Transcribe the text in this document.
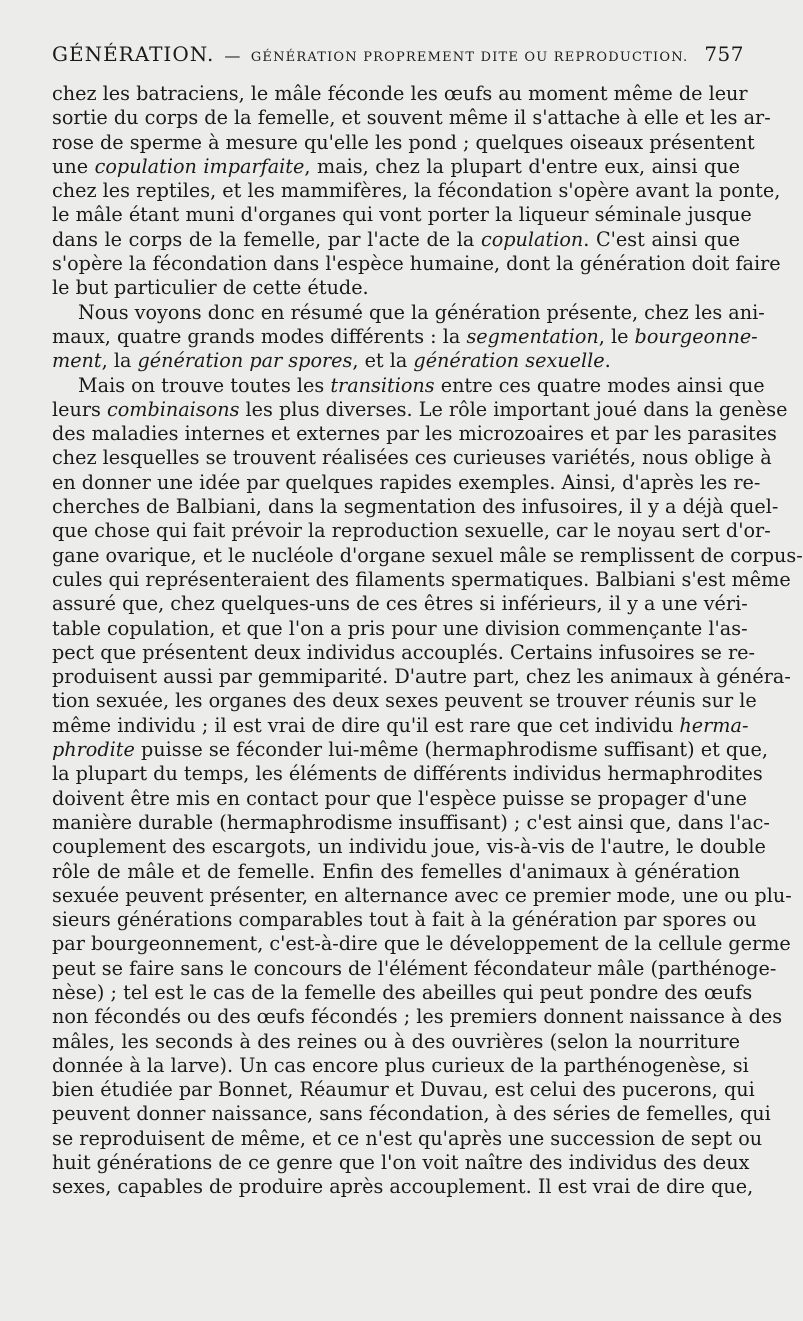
GÉNÉRATION. — GÉNÉRATION PROPREMENT DITE OU REPRODUCTION. 757
chez les batraciens, le mâle féconde les œufs au moment même de leur
sortie du corps de la femelle, et souvent même il s'attache à elle et les ar-
rose de sperme à mesure qu'elle les pond ; quelques oiseaux présentent
une copulation imparfaite, mais, chez la plupart d'entre eux, ainsi que
chez les reptiles, et les mammifères, la fécondation s'opère avant la ponte,
le mâle étant muni d'organes qui vont porter la liqueur séminale jusque
dans le corps de la femelle, par l'acte de la copulation. C'est ainsi que
s'opère la fécondation dans l'espèce humaine, dont la génération doit faire
le but particulier de cette étude.
Nous voyons donc en résumé que la génération présente, chez les ani-
maux, quatre grands modes différents : la segmentation, le bourgeonne-
ment, la génération par spores, et la génération sexuelle.
Mais on trouve toutes les transitions entre ces quatre modes ainsi que
leurs combinaisons les plus diverses. Le rôle important joué dans la genèse
des maladies internes et externes par les microzoaires et par les parasites
chez lesquelles se trouvent réalisées ces curieuses variétés, nous oblige à
en donner une idée par quelques rapides exemples. Ainsi, d'après les re-
cherches de Balbiani, dans la segmentation des infusoires, il y a déjà quel-
que chose qui fait prévoir la reproduction sexuelle, car le noyau sert d'or-
gane ovarique, et le nucléole d'organe sexuel mâle se remplissent de corpus-
cules qui représenteraient des filaments spermatiques. Balbiani s'est même
assuré que, chez quelques-uns de ces êtres si inférieurs, il y a une véri-
table copulation, et que l'on a pris pour une division commençante l'as-
pect que présentent deux individus accouplés. Certains infusoires se re-
produisent aussi par gemmiparité. D'autre part, chez les animaux à généra-
tion sexuée, les organes des deux sexes peuvent se trouver réunis sur le
même individu ; il est vrai de dire qu'il est rare que cet individu herma-
phrodite puisse se féconder lui-même (hermaphrodisme suffisant) et que,
la plupart du temps, les éléments de différents individus hermaphrodites
doivent être mis en contact pour que l'espèce puisse se propager d'une
manière durable (hermaphrodisme insuffisant) ; c'est ainsi que, dans l'ac-
couplement des escargots, un individu joue, vis-à-vis de l'autre, le double
rôle de mâle et de femelle. Enfin des femelles d'animaux à génération
sexuée peuvent présenter, en alternance avec ce premier mode, une ou plu-
sieurs générations comparables tout à fait à la génération par spores ou
par bourgeonnement, c'est-à-dire que le développement de la cellule germe
peut se faire sans le concours de l'élément fécondateur mâle (parthénoge-
nèse) ; tel est le cas de la femelle des abeilles qui peut pondre des œufs
non fécondés ou des œufs fécondés ; les premiers donnent naissance à des
mâles, les seconds à des reines ou à des ouvrières (selon la nourriture
donnée à la larve). Un cas encore plus curieux de la parthénogenèse, si
bien étudiée par Bonnet, Réaumur et Duvau, est celui des pucerons, qui
peuvent donner naissance, sans fécondation, à des séries de femelles, qui
se reproduisent de même, et ce n'est qu'après une succession de sept ou
huit générations de ce genre que l'on voit naître des individus des deux
sexes, capables de produire après accouplement. Il est vrai de dire que,
